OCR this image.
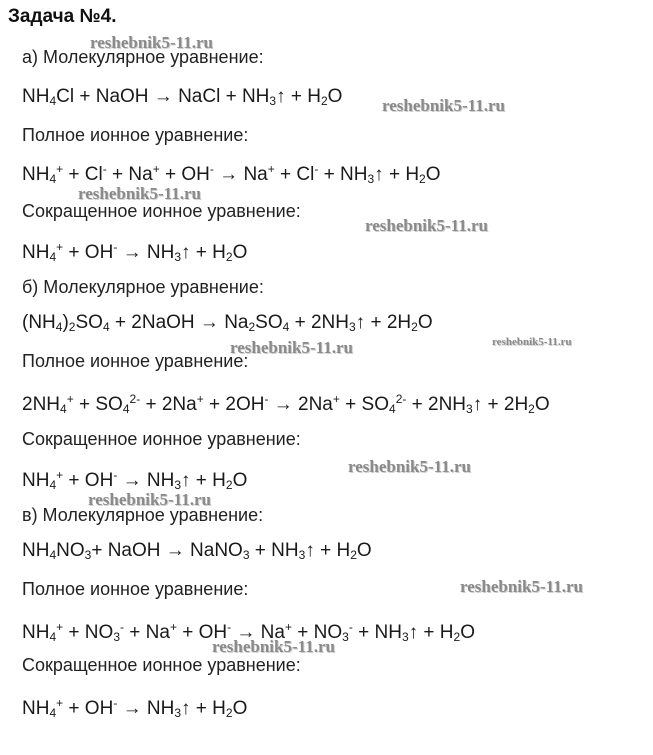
Задача №4.
а) Молекулярное уравнение:
$NH_4Cl$ + NaOH → NaCl + $NH_3↑ + H_2O$
Полное ионное уравнение:
$NH_4^+ + Cl^- + Na^+ + OH^- \to Na^+ + Cl^-$ + $NH_3↑ + H_2O$
Сокращенное ионное уравнение:
$NH_4^+ + OH^-$ → $NH_3↑ + H_2O$
б) Молекулярное уравнение:
$(NH_4)_2SO_4$ + 2NaOH → $Na_2SO_4$ + $2NH_3↑ + 2H_2O$
Полное ионное уравнение:
$2NH_4^+ + SO_4^{2-} + 2Na^+ + 2OH^- \to 2Na^+ + SO_4^{2-}$ + $2NH_3↑ + 2H_2O$
Сокращенное ионное уравнение:
$NH_4^+ + OH^-$ → $NH_3↑ + H_2O$
в) Молекулярное уравнение:
$NH_4NO_3+$ NaOH → NaNO$_3$ + $NH_3↑ + H_2O$
Полное ионное уравнение:
$NH_4^+ + NO_3^- + Na^+ + OH^- \to Na^+ + NO_3^-$ + $NH_3↑ + H_2O$
Сокращенное ионное уравнение:
$NH_4^+ + OH^-$ → $NH_3↑ + H_2O$
reshebnik5-11.ru
reshebnik5-11.ru
reshebnik5-11.ru
reshebnik5-11.ru
reshebnik5-11.ru	reshebnik5-11.ru
reshebnik5-11.ru
reshebnik5-11.ru
reshebnik5-11.ru
reshebnik5-11.ru
